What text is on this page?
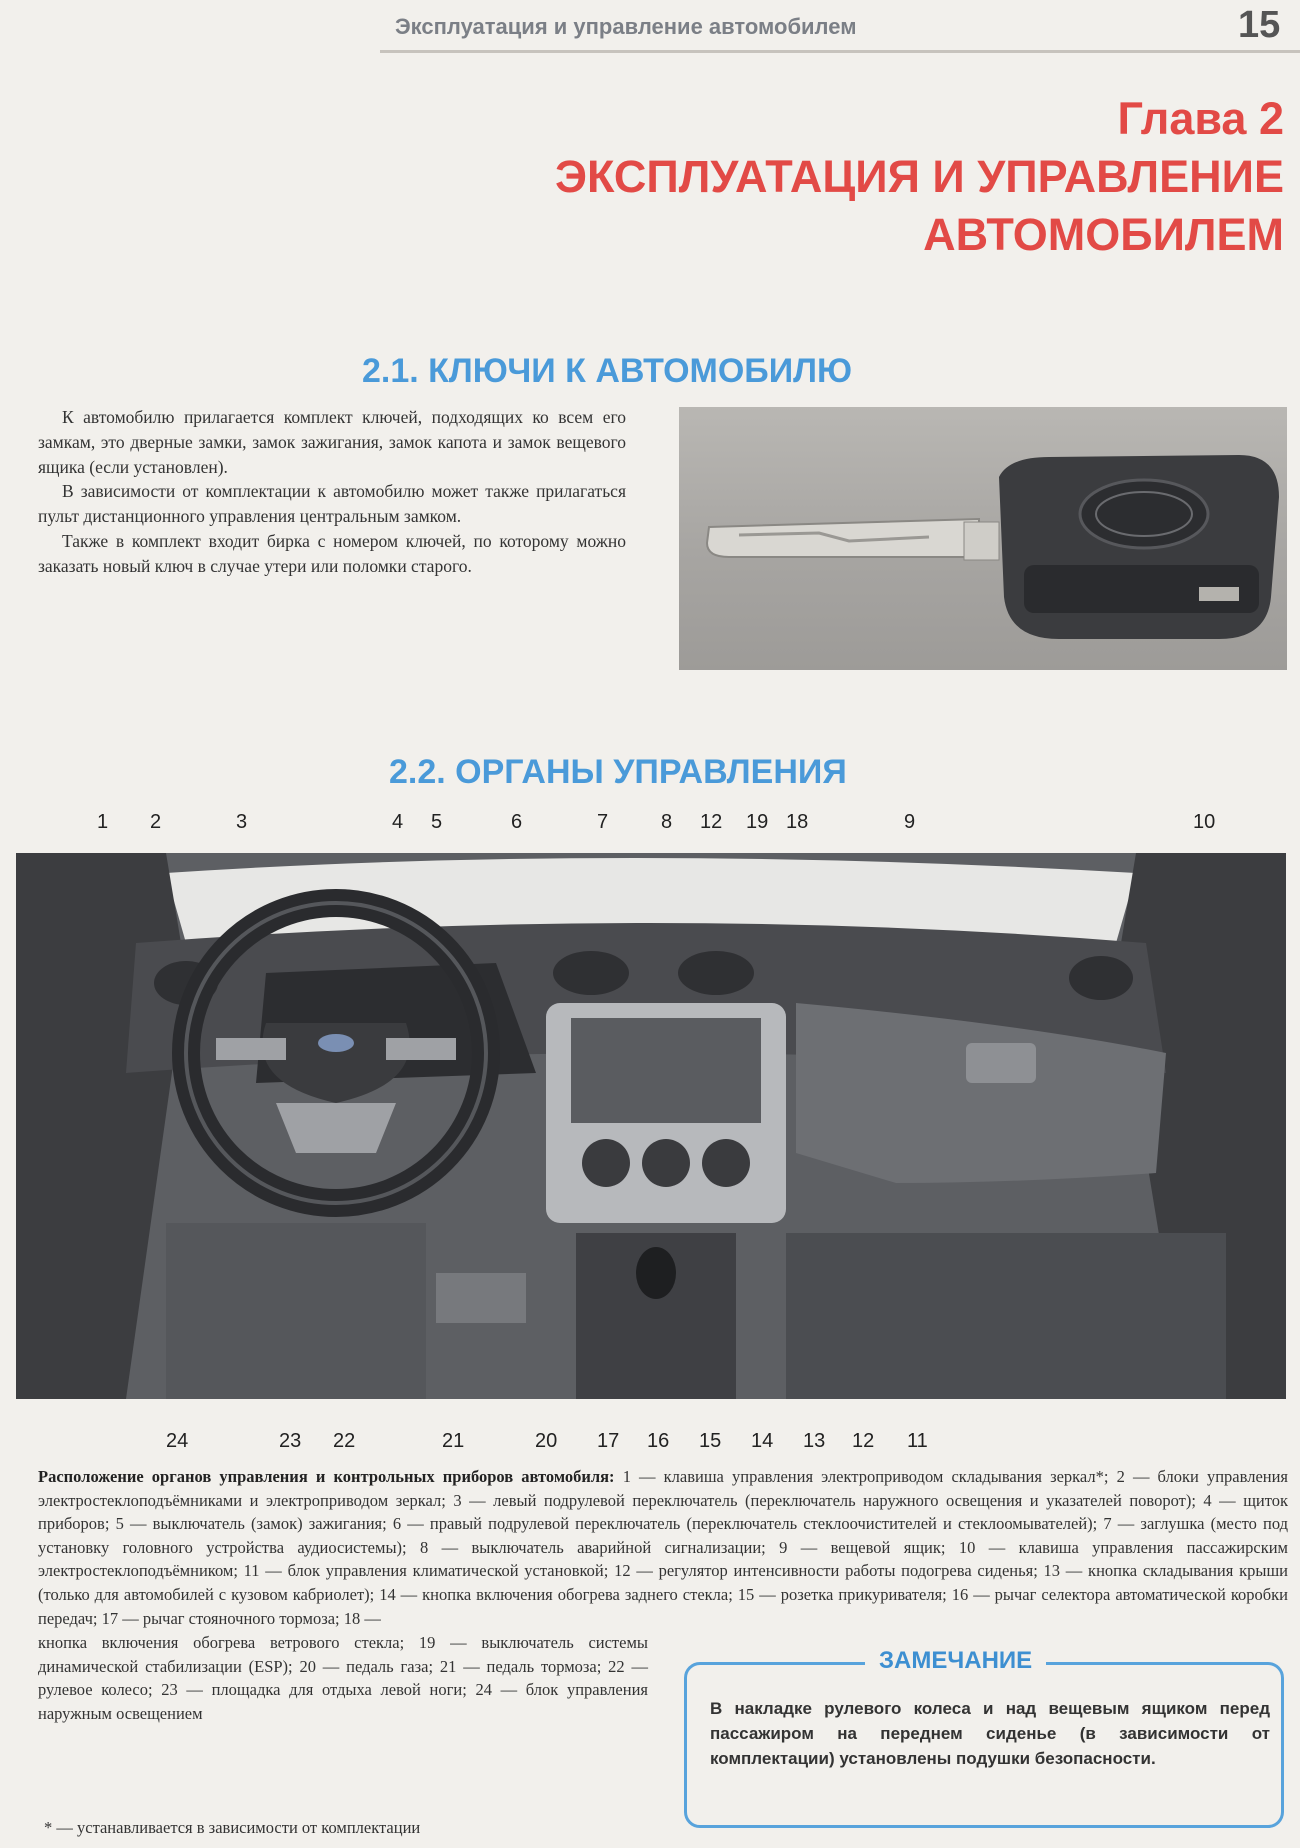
Эксплуатация и управление автомобилем	15
Глава 2
ЭКСПЛУАТАЦИЯ И УПРАВЛЕНИЕ
АВТОМОБИЛЕМ
2.1. КЛЮЧИ К АВТОМОБИЛЮ

К автомобилю прилагается комплект ключей, подходящих ко всем его замкам, это дверные замки, замок зажигания, замок капота и замок вещевого ящика (если установлен).

В зависимости от комплектации к автомобилю может также прилагаться пульт дистанционного управления центральным замком.

Также в комплект входит бирка с номером ключей, по которому можно заказать новый ключ в случае утери или поломки старого.

2.2. ОРГАНЫ УПРАВЛЕНИЯ
1 2	3	4 5	6	7	8 12 19 18	9	10
24	23 22	21	20 17 16 15 14 13 12 11
Расположение органов управления и контрольных приборов автомобиля: 1 — клавиша управления электроприводом складывания зеркал*; 2 — блоки управления электростеклоподъёмниками и электроприводом зеркал; 3 — левый подрулевой переключатель (переключатель наружного освещения и указателей поворот); 4 — щиток приборов; 5 — выключатель (замок) зажигания; 6 — правый подрулевой переключатель (переключатель стеклоочистителей и стеклоомывателей); 7 — заглушка (место под установку головного устройства аудиосистемы); 8 — выключатель аварийной сигнализации; 9 — вещевой ящик; 10 — клавиша управления пассажирским электростеклоподъёмником; 11 — блок управления климатической установкой; 12 — регулятор интенсивности работы подогрева сиденья; 13 — кнопка складывания крыши (только для автомобилей с кузовом кабриолет); 14 — кнопка включения обогрева заднего стекла; 15 — розетка прикуривателя; 16 — рычаг селектора автоматической коробки передач; 17 — рычаг стояночного тормоза; 18 —
кнопка включения обогрева ветрового стекла; 19 — выключатель системы динамической стабилизации (ESP); 20 — педаль газа; 21 — педаль тормоза; 22 — рулевое колесо; 23 — площадка для отдыха левой ноги; 24 — блок управления наружным освещением
* — устанавливается в зависимости от комплектации
ЗАМЕЧАНИЕ
В накладке рулевого колеса и над вещевым ящиком перед пассажиром на переднем сиденье (в зависимости от комплектации) установлены подушки безопасности.
